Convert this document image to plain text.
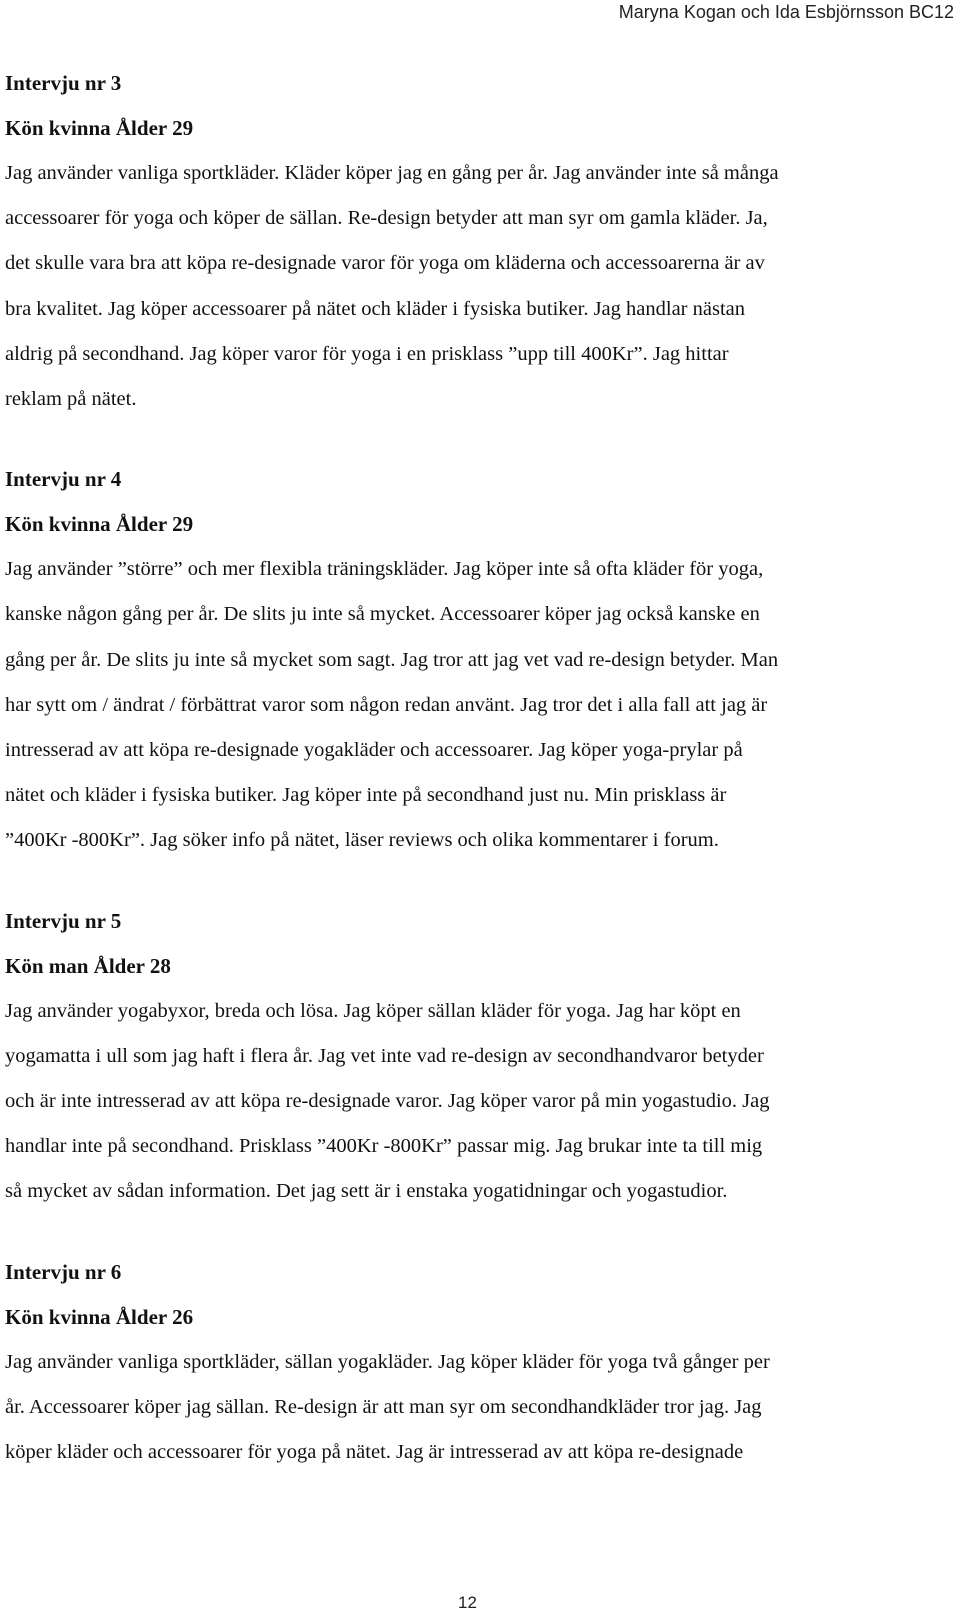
Maryna Kogan och Ida Esbjörnsson BC12
Intervju nr 3

Kön kvinna Ålder 29

Jag använder vanliga sportkläder. Kläder köper jag en gång per år. Jag använder inte så många
accessoarer för yoga och köper de sällan. Re-design betyder att man syr om gamla kläder. Ja,
det skulle vara bra att köpa re-designade varor för yoga om kläderna och accessoarerna är av
bra kvalitet. Jag köper accessoarer på nätet och kläder i fysiska butiker. Jag handlar nästan
aldrig på secondhand. Jag köper varor för yoga i en prisklass ”upp till 400Kr”. Jag hittar
reklam på nätet.

Intervju nr 4

Kön kvinna Ålder 29

Jag använder ”större” och mer flexibla träningskläder. Jag köper inte så ofta kläder för yoga,
kanske någon gång per år. De slits ju inte så mycket. Accessoarer köper jag också kanske en
gång per år. De slits ju inte så mycket som sagt. Jag tror att jag vet vad re-design betyder. Man
har sytt om / ändrat / förbättrat varor som någon redan använt. Jag tror det i alla fall att jag är
intresserad av att köpa re-designade yogakläder och accessoarer. Jag köper yoga-prylar på
nätet och kläder i fysiska butiker. Jag köper inte på secondhand just nu. Min prisklass är
”400Kr -800Kr”. Jag söker info på nätet, läser reviews och olika kommentarer i forum.

Intervju nr 5

Kön man Ålder 28

Jag använder yogabyxor, breda och lösa. Jag köper sällan kläder för yoga. Jag har köpt en
yogamatta i ull som jag haft i flera år. Jag vet inte vad re-design av secondhandvaror betyder
och är inte intresserad av att köpa re-designade varor. Jag köper varor på min yogastudio. Jag
handlar inte på secondhand. Prisklass ”400Kr -800Kr” passar mig. Jag brukar inte ta till mig
så mycket av sådan information. Det jag sett är i enstaka yogatidningar och yogastudior.

Intervju nr 6

Kön kvinna Ålder 26

Jag använder vanliga sportkläder, sällan yogakläder. Jag köper kläder för yoga två gånger per
år. Accessoarer köper jag sällan. Re-design är att man syr om secondhandkläder tror jag. Jag
köper kläder och accessoarer för yoga på nätet. Jag är intresserad av att köpa re-designade

12
